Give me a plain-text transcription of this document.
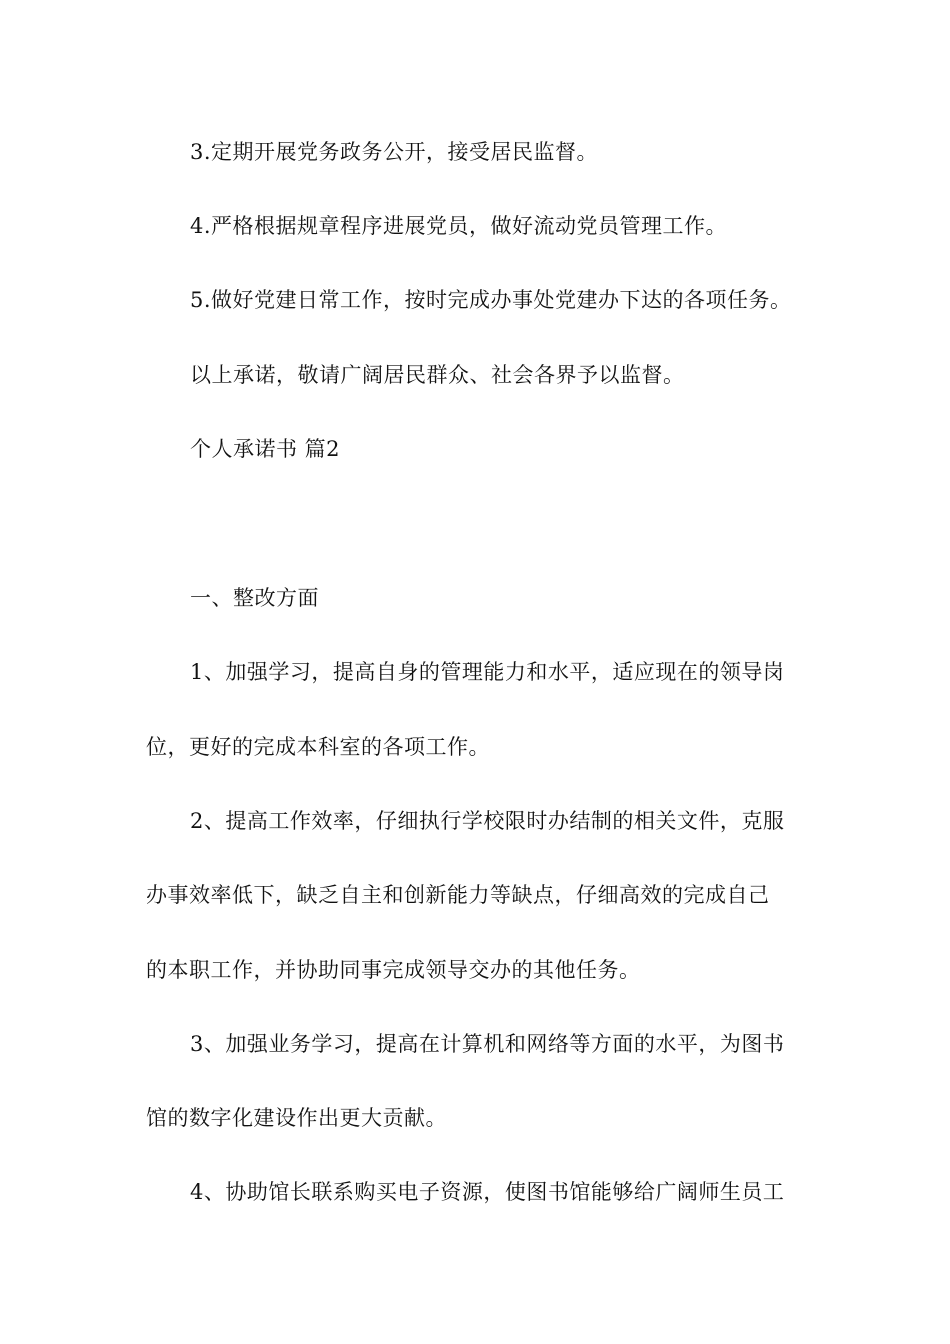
3.定期开展党务政务公开，接受居民监督。
4.严格根据规章程序进展党员，做好流动党员管理工作。
5.做好党建日常工作，按时完成办事处党建办下达的各项任务。
以上承诺，敬请广阔居民群众、社会各界予以监督。
个人承诺书 篇2
一、整改方面
1、加强学习，提高自身的管理能力和水平，适应现在的领导岗
位，更好的完成本科室的各项工作。
2、提高工作效率，仔细执行学校限时办结制的相关文件，克服
办事效率低下，缺乏自主和创新能力等缺点，仔细高效的完成自己
的本职工作，并协助同事完成领导交办的其他任务。
3、加强业务学习，提高在计算机和网络等方面的水平，为图书
馆的数字化建设作出更大贡献。
4、协助馆长联系购买电子资源，使图书馆能够给广阔师生员工
